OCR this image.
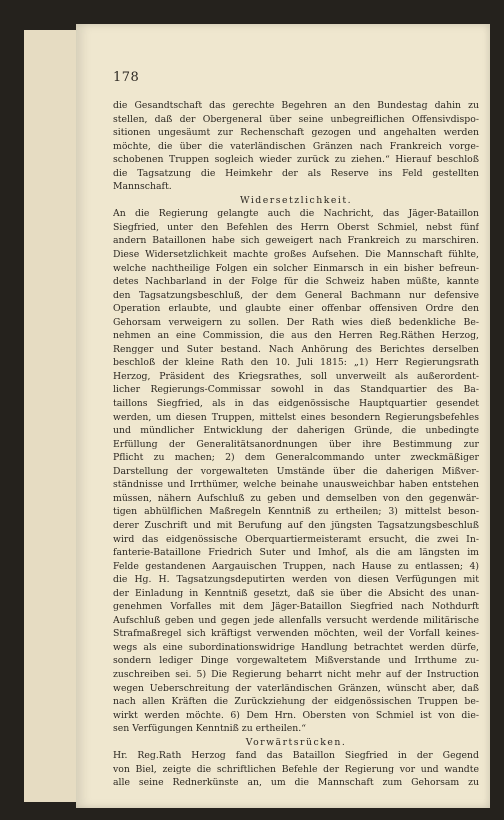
178
die Gesandtschaft das gerechte Begehren an den Bundestag dahin zu
stellen, daß der Obergeneral über seine unbegreiflichen Offensivdispo-
sitionen ungesäumt zur Rechenschaft gezogen und angehalten werden
möchte, die über die vaterländischen Gränzen nach Frankreich vorge-
schobenen Truppen sogleich wieder zurück zu ziehen.“ Hierauf beschloß
die Tagsatzung die Heimkehr der als Reserve ins Feld gestellten
Mannschaft.
Widersetzlichkeit.
An die Regierung gelangte auch die Nachricht, das Jäger-Bataillon
Siegfried, unter den Befehlen des Herrn Oberst Schmiel, nebst fünf
andern Bataillonen habe sich geweigert nach Frankreich zu marschiren.
Diese Widersetzlichkeit machte großes Aufsehen. Die Mannschaft fühlte,
welche nachtheilige Folgen ein solcher Einmarsch in ein bisher befreun-
detes Nachbarland in der Folge für die Schweiz haben müßte, kannte
den Tagsatzungsbeschluß, der dem General Bachmann nur defensive
Operation erlaubte, und glaubte einer offenbar offensiven Ordre den
Gehorsam verweigern zu sollen. Der Rath wies dieß bedenkliche Be-
nehmen an eine Commission, die aus den Herren Reg.Räthen Herzog,
Rengger und Suter bestand. Nach Anhörung des Berichtes derselben
beschloß der kleine Rath den 10. Juli 1815: „1) Herr Regierungsrath
Herzog, Präsident des Kriegsrathes, soll unverweilt als außerordent-
licher Regierungs-Commissar sowohl in das Standquartier des Ba-
taillons Siegfried, als in das eidgenössische Hauptquartier gesendet
werden, um diesen Truppen, mittelst eines besondern Regierungsbefehles
und mündlicher Entwicklung der daherigen Gründe, die unbedingte
Erfüllung der Generalitätsanordnungen über ihre Bestimmung zur
Pflicht zu machen; 2) dem Generalcommando unter zweckmäßiger
Darstellung der vorgewalteten Umstände über die daherigen Mißver-
ständnisse und Irrthümer, welche beinahe unausweichbar haben entstehen
müssen, nähern Aufschluß zu geben und demselben von den gegenwär-
tigen abhülflichen Maßregeln Kenntniß zu ertheilen; 3) mittelst beson-
derer Zuschrift und mit Berufung auf den jüngsten Tagsatzungsbeschluß
wird das eidgenössische Oberquartiermeisteramt ersucht, die zwei In-
fanterie-Bataillone Friedrich Suter und Imhof, als die am längsten im
Felde gestandenen Aargauischen Truppen, nach Hause zu entlassen; 4)
die Hg. H. Tagsatzungsdeputirten werden von diesen Verfügungen mit
der Einladung in Kenntniß gesetzt, daß sie über die Absicht des unan-
genehmen Vorfalles mit dem Jäger-Bataillon Siegfried nach Nothdurft
Aufschluß geben und gegen jede allenfalls versucht werdende militärische
Strafmaßregel sich kräftigst verwenden möchten, weil der Vorfall keines-
wegs als eine subordinationswidrige Handlung betrachtet werden dürfe,
sondern lediger Dinge vorgewaltetem Mißverstande und Irrthume zu-
zuschreiben sei. 5) Die Regierung beharrt nicht mehr auf der Instruction
wegen Ueberschreitung der vaterländischen Gränzen, wünscht aber, daß
nach allen Kräften die Zurückziehung der eidgenössischen Truppen be-
wirkt werden möchte. 6) Dem Hrn. Obersten von Schmiel ist von die-
sen Verfügungen Kenntniß zu ertheilen.“
Vorwärtsrücken.
Hr. Reg.Rath Herzog fand das Bataillon Siegfried in der Gegend
von Biel, zeigte die schriftlichen Befehle der Regierung vor und wandte
alle seine Rednerkünste an, um die Mannschaft zum Gehorsam zu
